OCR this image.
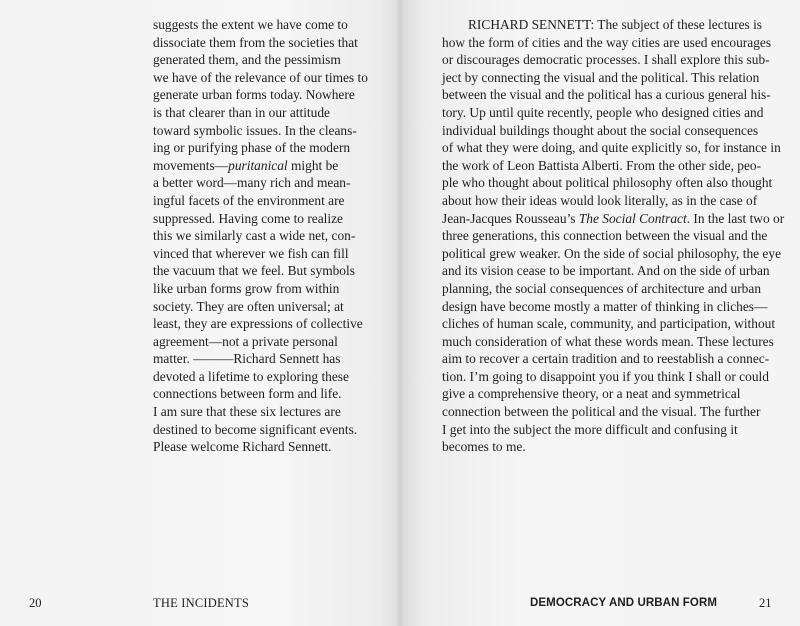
suggests the extent we have come to
dissociate them from the societies that
generated them, and the pessimism
we have of the relevance of our times to
generate urban forms today. Nowhere
is that clearer than in our attitude
toward symbolic issues. In the cleans-
ing or purifying phase of the modern
movements—puritanical might be
a better word—many rich and mean-
ingful facets of the environment are
suppressed. Having come to realize
this we similarly cast a wide net, con-
vinced that wherever we fish can fill
the vacuum that we feel. But symbols
like urban forms grow from within
society. They are often universal; at
least, they are expressions of collective
agreement—not a private personal
matter. ———Richard Sennett has
devoted a lifetime to exploring these
connections between form and life.
I am sure that these six lectures are
destined to become significant events.
Please welcome Richard Sennett.
RICHARD SENNETT: The subject of these lectures is
how the form of cities and the way cities are used encourages
or discourages democratic processes. I shall explore this sub-
ject by connecting the visual and the political. This relation
between the visual and the political has a curious general his-
tory. Up until quite recently, people who designed cities and
individual buildings thought about the social consequences
of what they were doing, and quite explicitly so, for instance in
the work of Leon Battista Alberti. From the other side, peo-
ple who thought about political philosophy often also thought
about how their ideas would look literally, as in the case of
Jean-Jacques Rousseau’s The Social Contract. In the last two or
three generations, this connection between the visual and the
political grew weaker. On the side of social philosophy, the eye
and its vision cease to be important. And on the side of urban
planning, the social consequences of architecture and urban
design have become mostly a matter of thinking in cliches—
cliches of human scale, community, and participation, without
much consideration of what these words mean. These lectures
aim to recover a certain tradition and to reestablish a connec-
tion. I’m going to disappoint you if you think I shall or could
give a comprehensive theory, or a neat and symmetrical
connection between the political and the visual. The further
I get into the subject the more difficult and confusing it
becomes to me.
20	THE INCIDENTS	DEMOCRACY AND URBAN FORM	21
